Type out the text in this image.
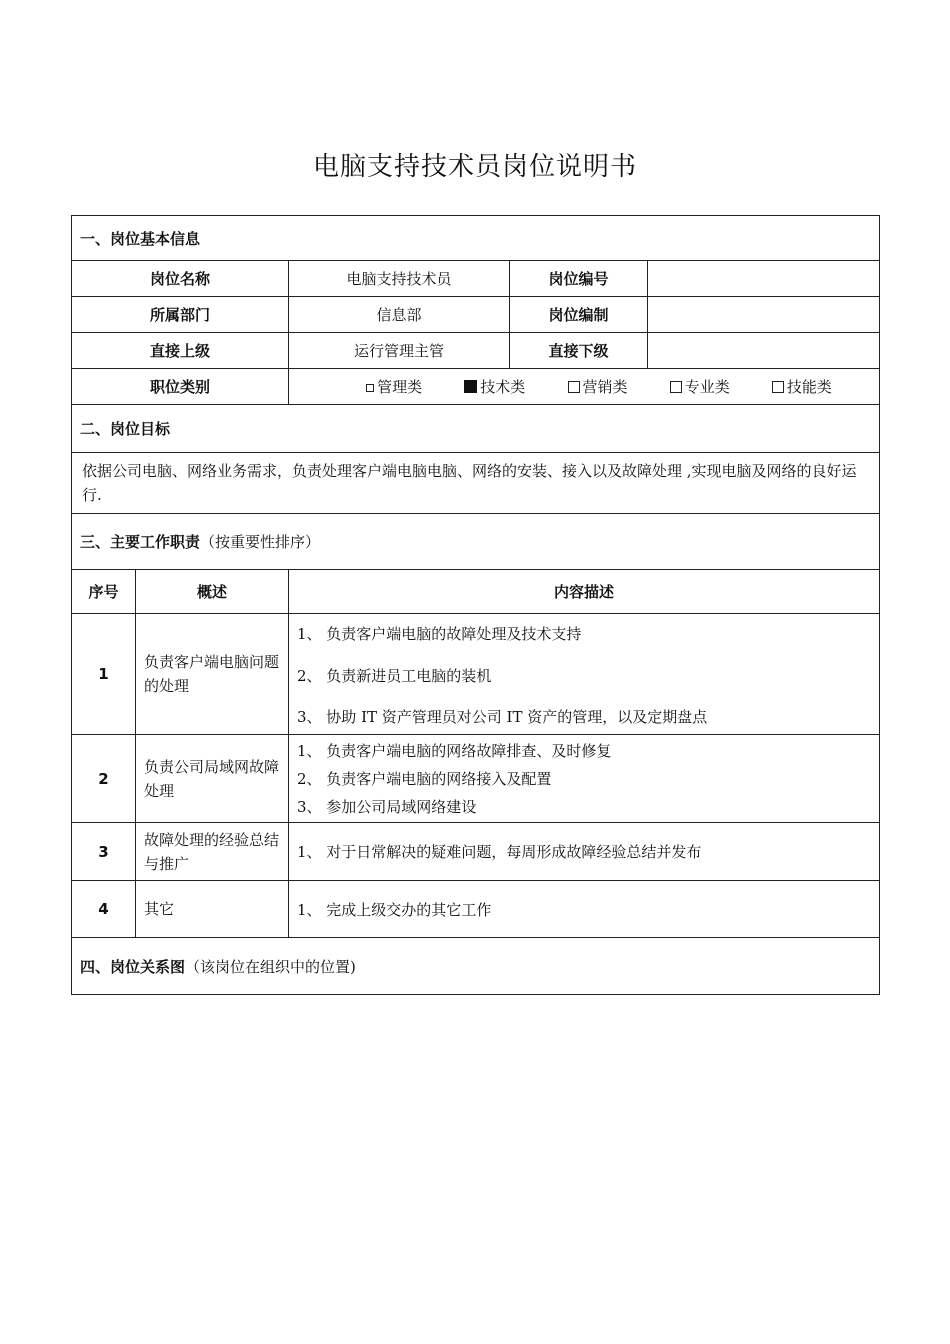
电脑支持技术员岗位说明书
一、岗位基本信息				
岗位名称		电脑支持技术员	岗位编号	
所属部门		信息部	岗位编制	
直接上级		运行管理主管	直接下级	
职位类别		管理类 技术类 营销类 专业类 技能类		

二、岗位目标				
依据公司电脑、网络业务需求，负责处理客户端电脑电脑、网络的安装、接入以及故障处理 ,实现电脑及网络的良好运行.				
三、主要工作职责（按重要性排序）				
序号	概述	内容描述		
1	负责客户端电脑问题的处理	1、 负责客户端电脑的故障处理及技术支持
2、 负责新进员工电脑的装机
3、 协助 IT 资产管理员对公司 IT 资产的管理，以及定期盘点		

2	负责公司局域网故障处理	1、 负责客户端电脑的网络故障排查、及时修复
2、 负责客户端电脑的网络接入及配置
3、 参加公司局域网络建设		

3	故障处理的经验总结与推广	1、 对于日常解决的疑难问题，每周形成故障经验总结并发布		

4	其它	1、 完成上级交办的其它工作		

四、岗位关系图（该岗位在组织中的位置)				
